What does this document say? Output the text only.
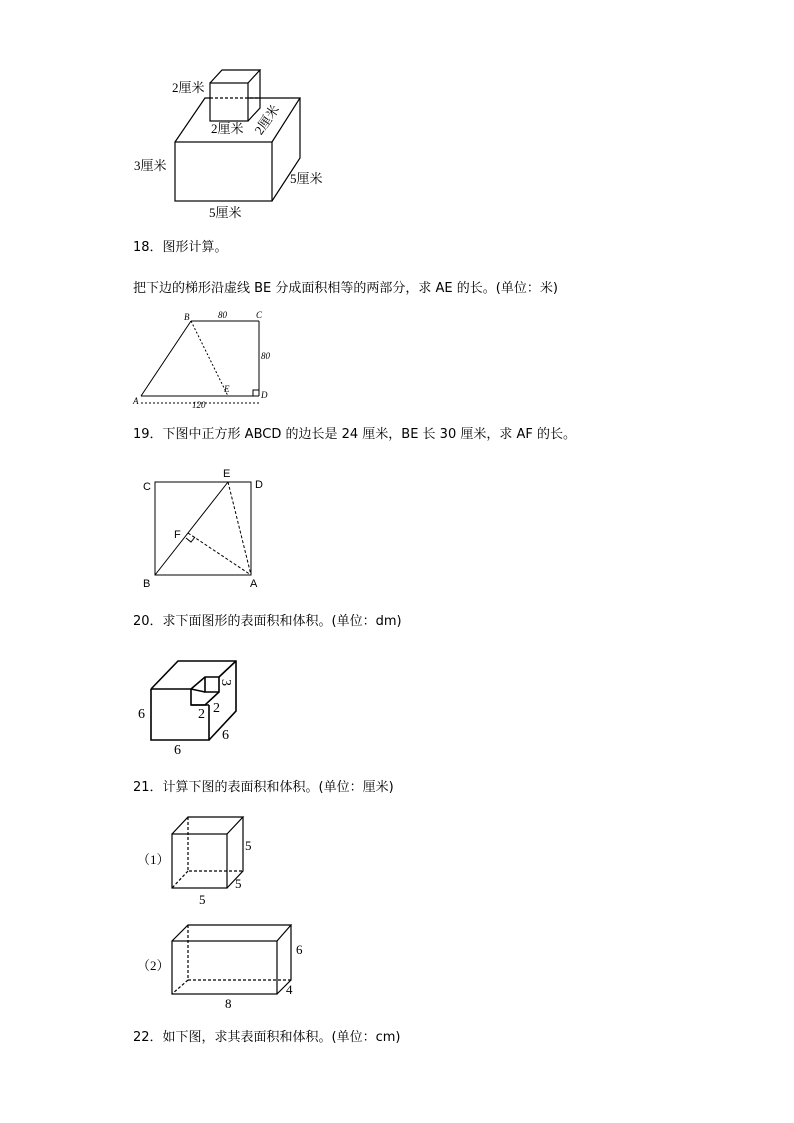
2厘米
2厘米 2厘米
3厘米
5厘米
5厘米
18．图形计算。
把下边的梯形沿虚线 BE 分成面积相等的两部分，求 AE 的长。(单位：米)
B	C
D
E
A
80
80
120
19．下图中正方形 ABCD 的边长是 24 厘米，BE 长 30 厘米，求 AF 的长。
C
E
D
F
B	A
20．求下面图形的表面积和体积。(单位：dm)
6
6
6
2 2
3
21．计算下图的表面积和体积。(单位：厘米)
（1）
5
5
5
（2）
6
8
4
22．如下图，求其表面积和体积。(单位：cm)
